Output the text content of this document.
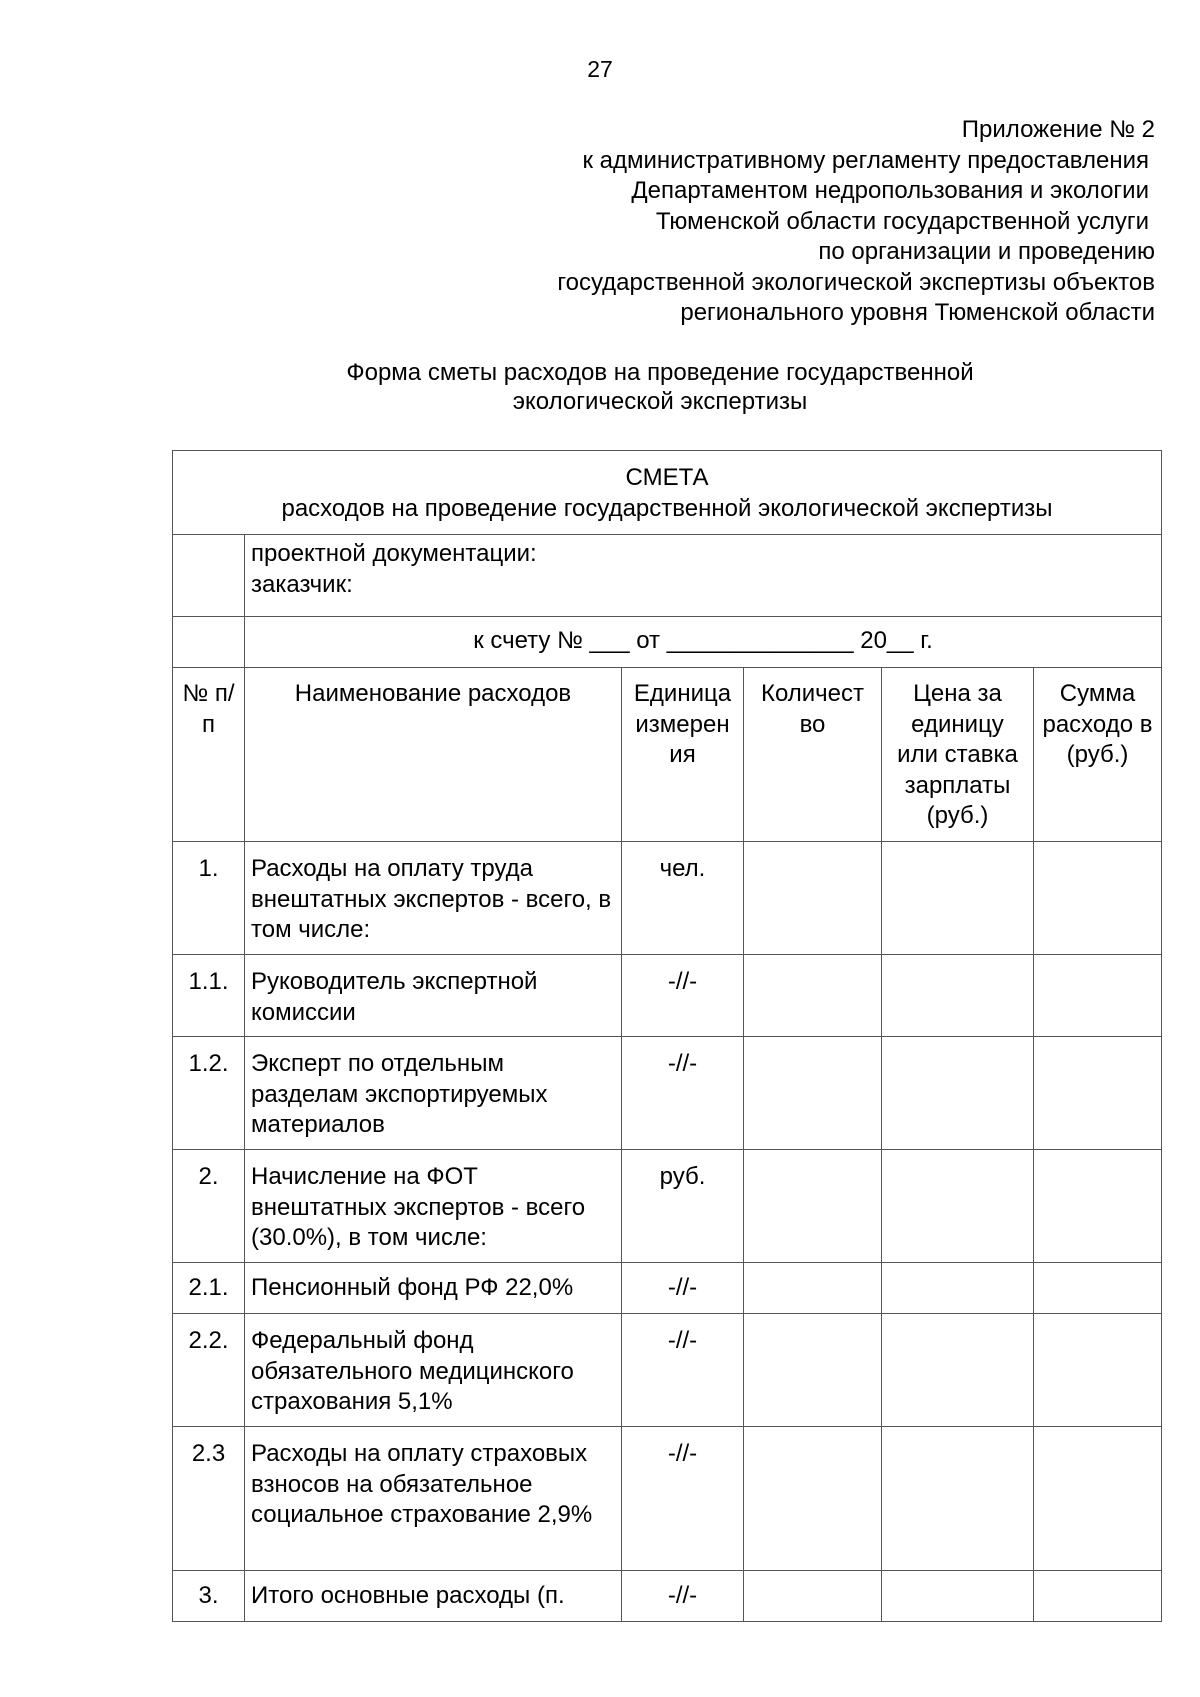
27
Приложение № 2
к административному регламенту предоставления
Департаментом недропользования и экологии
Тюменской области государственной услуги
по организации и проведению
государственной экологической экспертизы объектов
регионального уровня Тюменской области
Форма сметы расходов на проведение государственной
экологической экспертизы
СМЕТА
расходов на проведение государственной экологической экспертизы					

	проектной документации:
заказчик:				

	к счету № ___ от ______________ 20__ г.				
№ п/п	Наименование расходов	Единица измерен ия	Количест во	Цена за единицу или ставка зарплаты (руб.)	Сумма расходо в (руб.)
1.	Расходы на оплату труда внештатных экспертов - всего, в том числе:	чел.			
1.1.	Руководитель экспертной комиссии	-//-			
1.2.	Эксперт по отдельным разделам экспортируемых материалов	-//-			
2.	Начисление на ФОТ внештатных экспертов - всего (30.0%), в том числе:	руб.			
2.1.	Пенсионный фонд РФ 22,0%	-//-			
2.2.	Федеральный фонд обязательного медицинского страхования 5,1%	-//-			
2.3	Расходы на оплату страховых взносов на обязательное социальное страхование 2,9%	-//-			
3.	Итого основные расходы (п.	-//-			
